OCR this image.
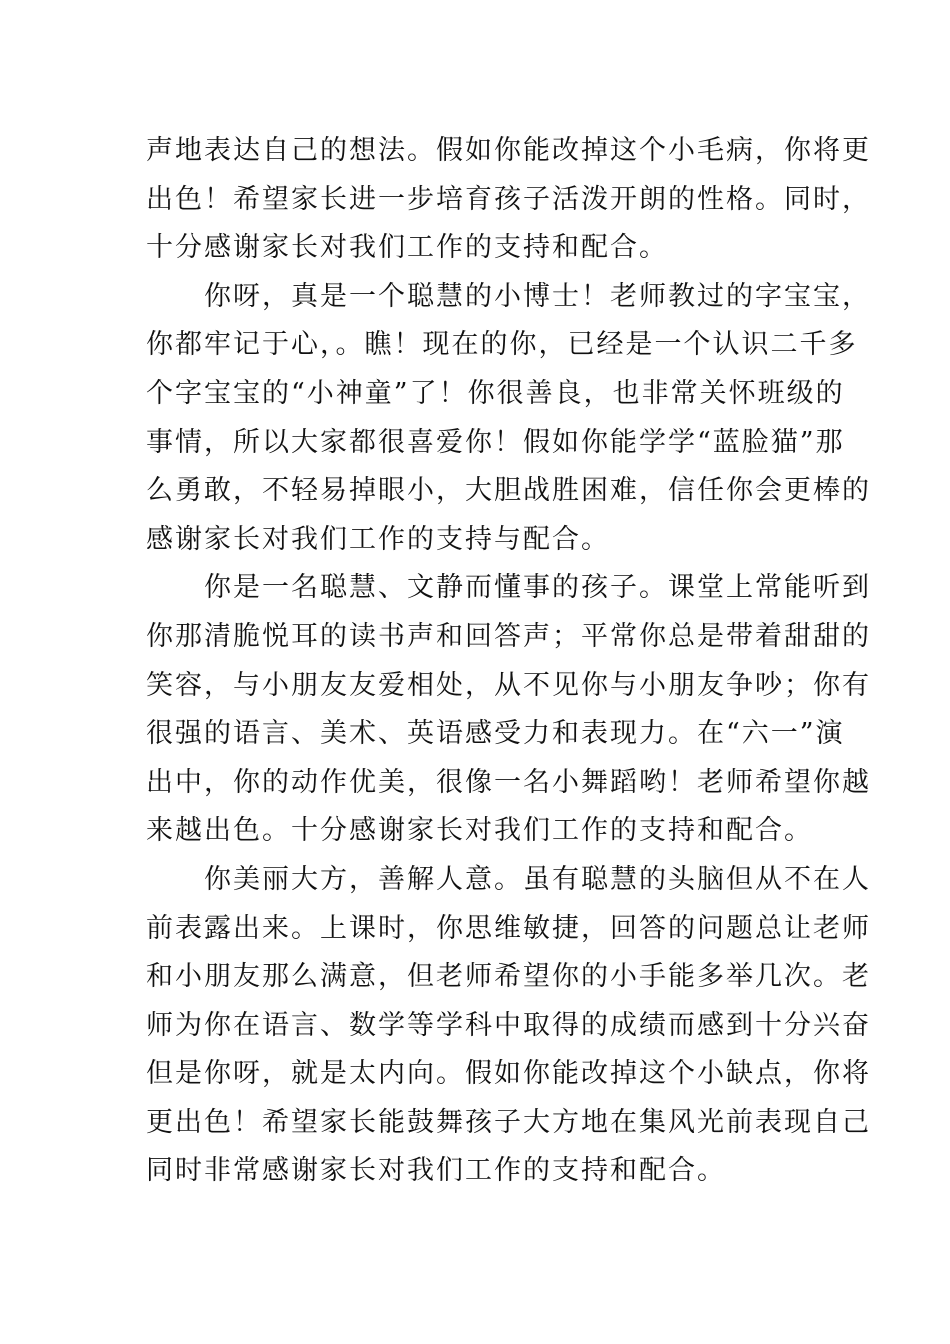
声地表达自己的想法。假如你能改掉这个小毛病，你将更
出色！希望家长进一步培育孩子活泼开朗的性格。同时，
十分感谢家长对我们工作的支持和配合。
你呀，真是一个聪慧的小博士！老师教过的字宝宝，
你都牢记于心，。瞧！现在的你，已经是一个认识二千多
个字宝宝的“小神童”了！你很善良，也非常关怀班级的
事情，所以大家都很喜爱你！假如你能学学“蓝脸猫”那
么勇敢，不轻易掉眼小，大胆战胜困难，信任你会更棒的
感谢家长对我们工作的支持与配合。
你是一名聪慧、文静而懂事的孩子。课堂上常能听到
你那清脆悦耳的读书声和回答声；平常你总是带着甜甜的
笑容，与小朋友友爱相处，从不见你与小朋友争吵；你有
很强的语言、美术、英语感受力和表现力。在“六一”演
出中，你的动作优美，很像一名小舞蹈哟！老师希望你越
来越出色。十分感谢家长对我们工作的支持和配合。
你美丽大方，善解人意。虽有聪慧的头脑但从不在人
前表露出来。上课时，你思维敏捷，回答的问题总让老师
和小朋友那么满意，但老师希望你的小手能多举几次。老
师为你在语言、数学等学科中取得的成绩而感到十分兴奋
但是你呀，就是太内向。假如你能改掉这个小缺点，你将
更出色！希望家长能鼓舞孩子大方地在集风光前表现自己
同时非常感谢家长对我们工作的支持和配合。
